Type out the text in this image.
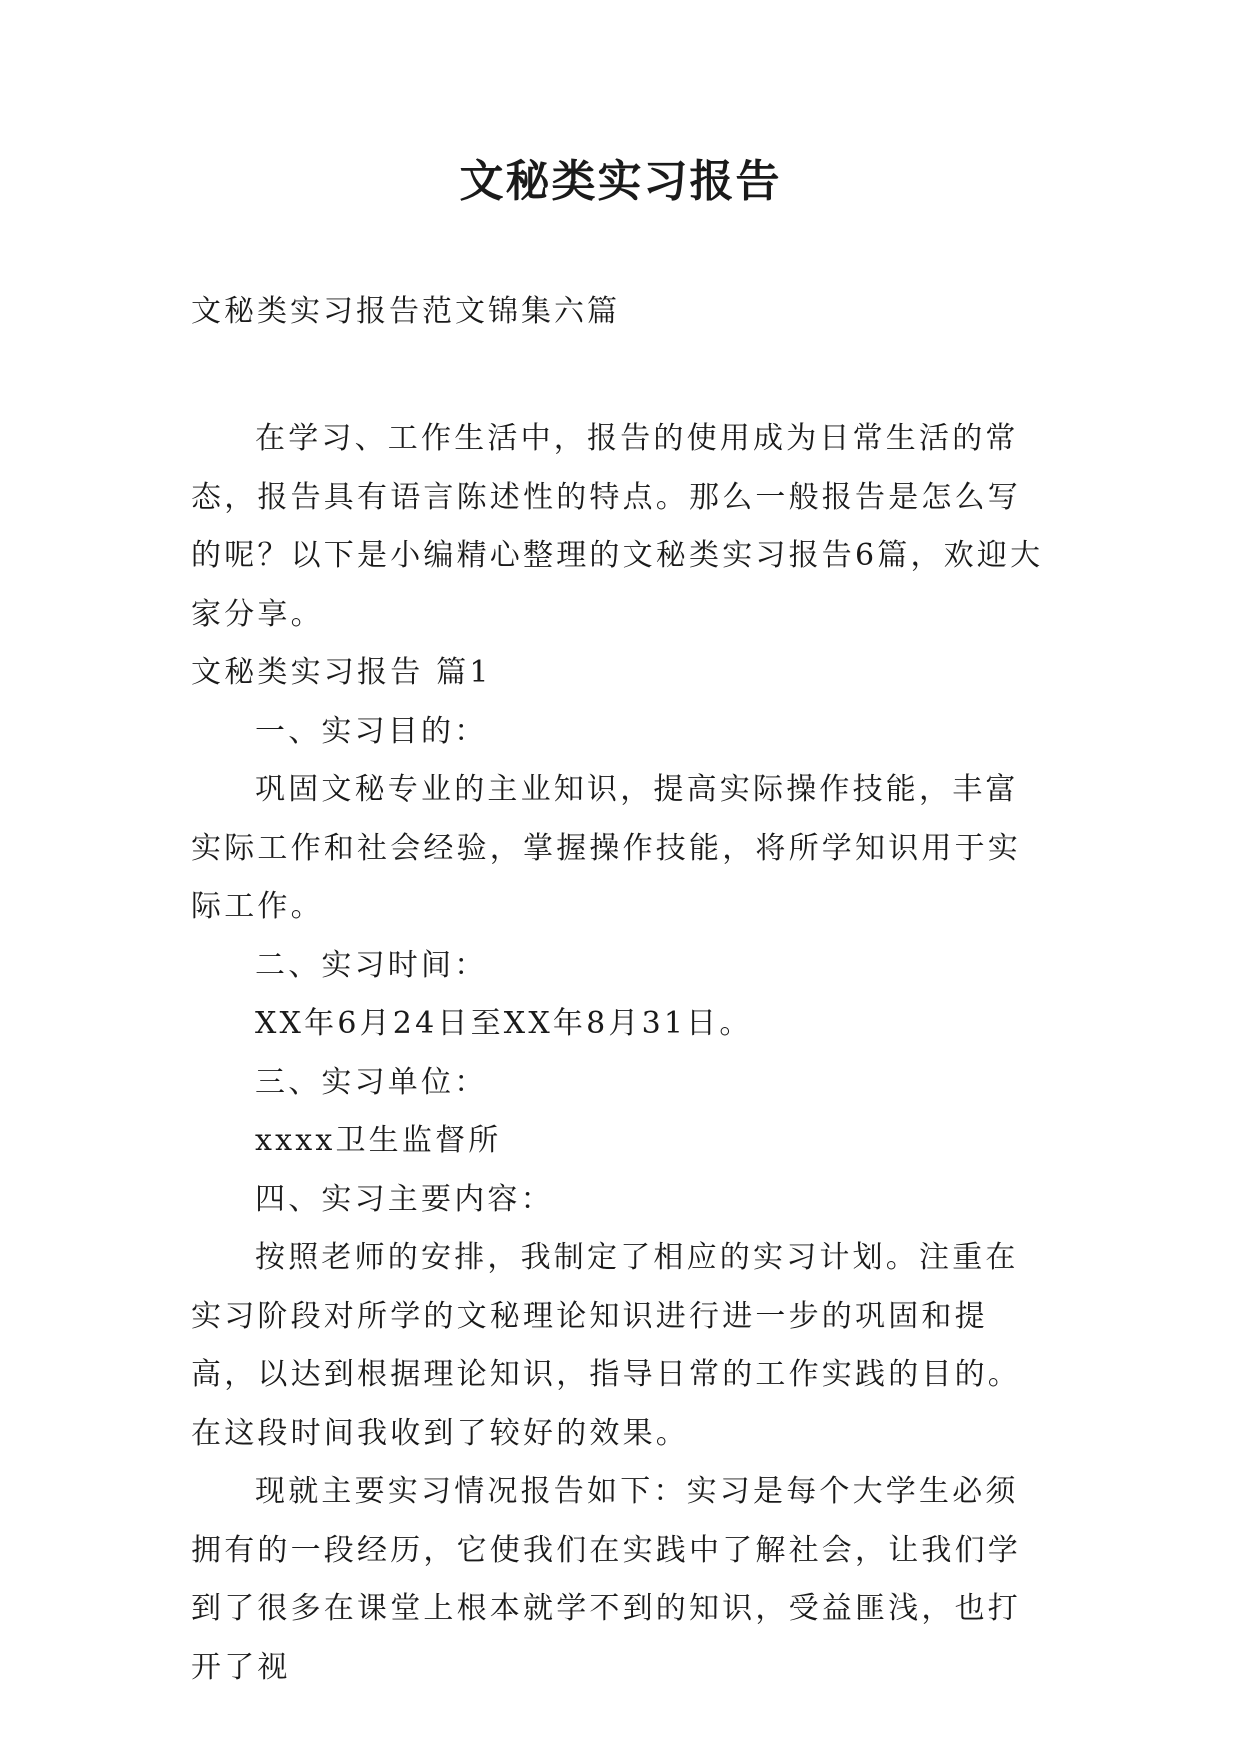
文秘类实习报告
文秘类实习报告范文锦集六篇

在学习、工作生活中，报告的使用成为日常生活的常态，报告具有语言陈述性的特点。那么一般报告是怎么写的呢？以下是小编精心整理的文秘类实习报告6篇，欢迎大家分享。

文秘类实习报告 篇1

一、实习目的：

巩固文秘专业的主业知识，提高实际操作技能，丰富实际工作和社会经验，掌握操作技能，将所学知识用于实际工作。

二、实习时间：

XX年6月24日至XX年8月31日。

三、实习单位：

xxxx卫生监督所

四、实习主要内容：

按照老师的安排，我制定了相应的实习计划。注重在实习阶段对所学的文秘理论知识进行进一步的巩固和提高，以达到根据理论知识，指导日常的工作实践的目的。在这段时间我收到了较好的效果。

现就主要实习情况报告如下：实习是每个大学生必须拥有的一段经历，它使我们在实践中了解社会，让我们学到了很多在课堂上根本就学不到的知识，受益匪浅，也打开了视
